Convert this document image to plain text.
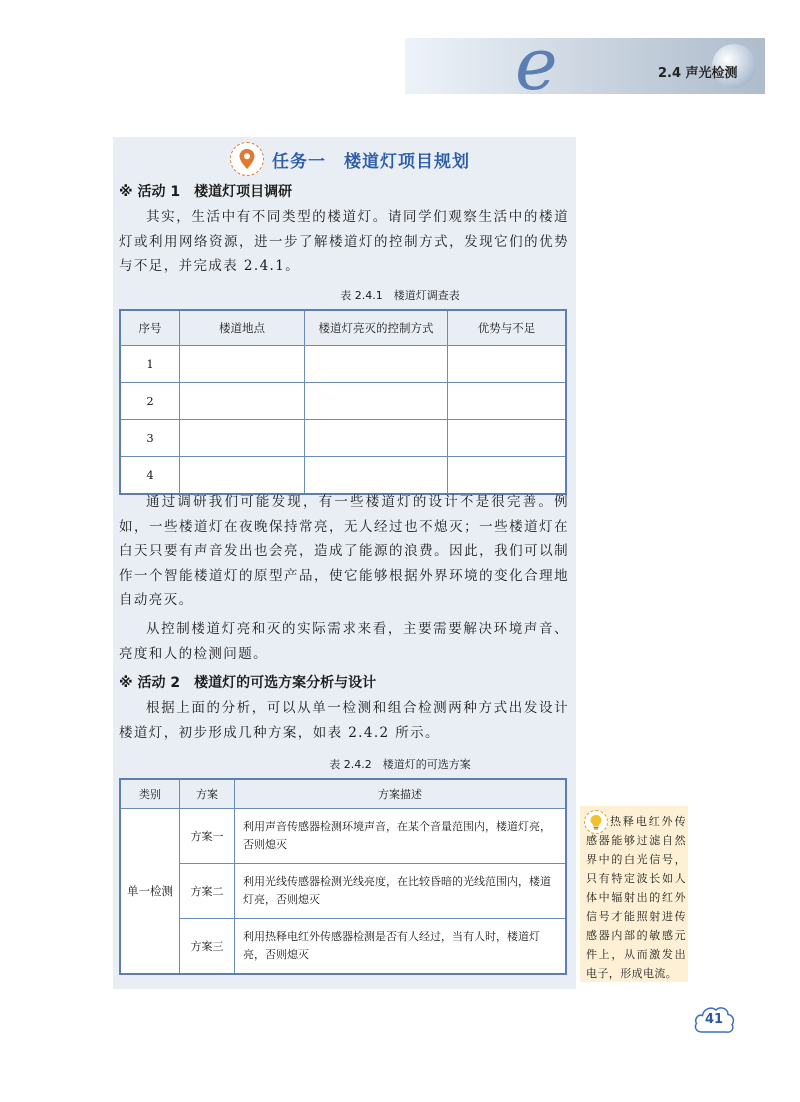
e	2.4 声光检测
任务一　楼道灯项目规划
※ 活动 1　楼道灯项目调研

其实，生活中有不同类型的楼道灯。请同学们观察生活中的楼道灯或利用网络资源，进一步了解楼道灯的控制方式，发现它们的优势与不足，并完成表 2.4.1。

表 2.4.1　楼道灯调查表
序号	楼道地点	楼道灯亮灭的控制方式	优势与不足
1			
2			
3			
4			

通过调研我们可能发现，有一些楼道灯的设计不是很完善。例如，一些楼道灯在夜晚保持常亮，无人经过也不熄灭；一些楼道灯在白天只要有声音发出也会亮，造成了能源的浪费。因此，我们可以制作一个智能楼道灯的原型产品，使它能够根据外界环境的变化合理地自动亮灭。

从控制楼道灯亮和灭的实际需求来看，主要需要解决环境声音、亮度和人的检测问题。

※ 活动 2　楼道灯的可选方案分析与设计

根据上面的分析，可以从单一检测和组合检测两种方式出发设计楼道灯，初步形成几种方案，如表 2.4.2 所示。

表 2.4.2　楼道灯的可选方案
类别	方案	方案描述
单一检测	方案一	利用声音传感器检测环境声音，在某个音量范围内，楼道灯亮，否则熄灭
	方案二	利用光线传感器检测光线亮度，在比较昏暗的光线范围内，楼道灯亮，否则熄灭
	方案三	利用热释电红外传感器检测是否有人经过，当有人时，楼道灯亮，否则熄灭

热释电红外传感器能够过滤自然界中的白光信号，只有特定波长如人体中辐射出的红外信号才能照射进传感器内部的敏感元件上，从而激发出电子，形成电流。

41
